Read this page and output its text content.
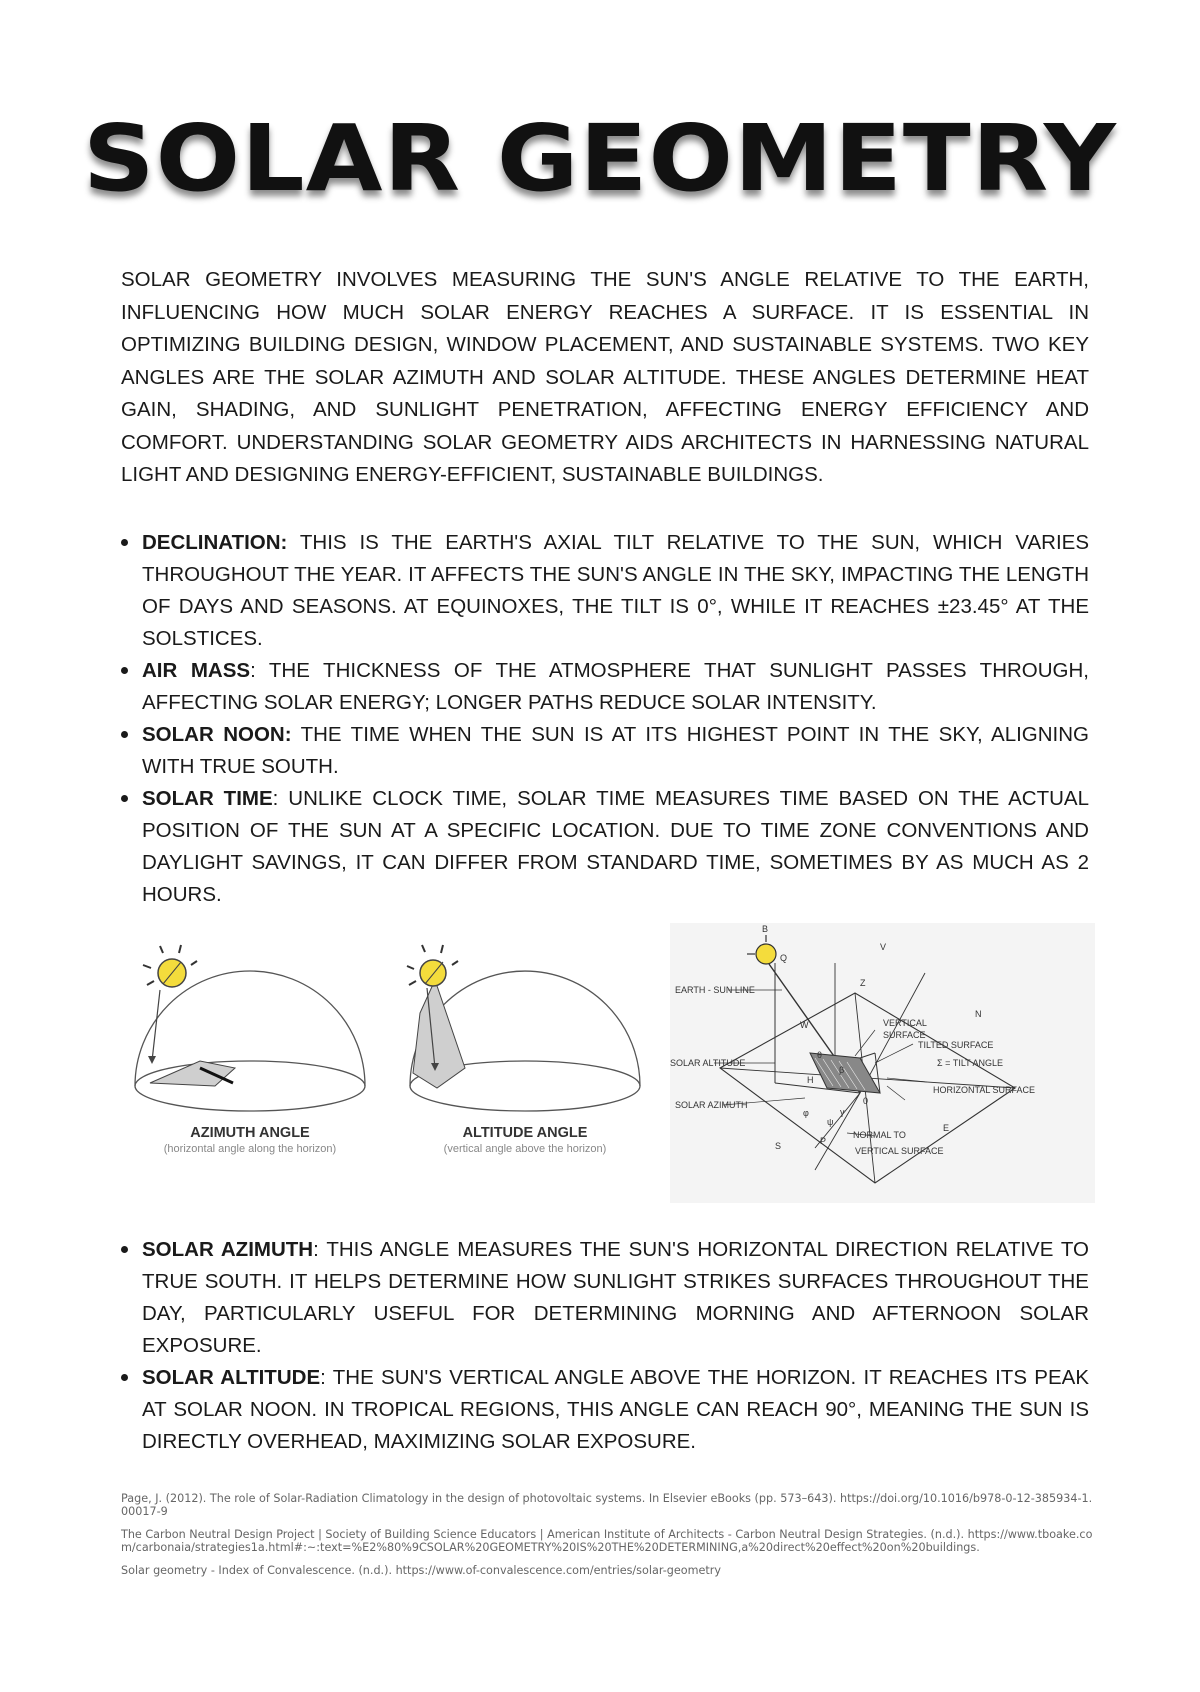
SOLAR GEOMETRY

SOLAR GEOMETRY INVOLVES MEASURING THE SUN'S ANGLE RELATIVE TO THE EARTH, INFLUENCING HOW MUCH SOLAR ENERGY REACHES A SURFACE. IT IS ESSENTIAL IN OPTIMIZING BUILDING DESIGN, WINDOW PLACEMENT, AND SUSTAINABLE SYSTEMS. TWO KEY ANGLES ARE THE SOLAR AZIMUTH AND SOLAR ALTITUDE. THESE ANGLES DETERMINE HEAT GAIN, SHADING, AND SUNLIGHT PENETRATION, AFFECTING ENERGY EFFICIENCY AND COMFORT. UNDERSTANDING SOLAR GEOMETRY AIDS ARCHITECTS IN HARNESSING NATURAL LIGHT AND DESIGNING ENERGY-EFFICIENT, SUSTAINABLE BUILDINGS.

DECLINATION: THIS IS THE EARTH'S AXIAL TILT RELATIVE TO THE SUN, WHICH VARIES THROUGHOUT THE YEAR. IT AFFECTS THE SUN'S ANGLE IN THE SKY, IMPACTING THE LENGTH OF DAYS AND SEASONS. AT EQUINOXES, THE TILT IS 0°, WHILE IT REACHES ±23.45° AT THE SOLSTICES.
AIR MASS: THE THICKNESS OF THE ATMOSPHERE THAT SUNLIGHT PASSES THROUGH, AFFECTING SOLAR ENERGY; LONGER PATHS REDUCE SOLAR INTENSITY.
SOLAR NOON: THE TIME WHEN THE SUN IS AT ITS HIGHEST POINT IN THE SKY, ALIGNING WITH TRUE SOUTH.
SOLAR TIME: UNLIKE CLOCK TIME, SOLAR TIME MEASURES TIME BASED ON THE ACTUAL POSITION OF THE SUN AT A SPECIFIC LOCATION. DUE TO TIME ZONE CONVENTIONS AND DAYLIGHT SAVINGS, IT CAN DIFFER FROM STANDARD TIME, SOMETIMES BY AS MUCH AS 2 HOURS.
AZIMUTH ANGLE
(horizontal angle along the horizon)
ALTITUDE ANGLE
(vertical angle above the horizon)
EARTH - SUN LINE
SOLAR ALTITUDE
SOLAR AZIMUTH
VERTICAL
SURFACE
TILTED SURFACE
Σ = TILT ANGLE
HORIZONTAL SURFACE
NORMAL TO
VERTICAL SURFACE
N
E
S
W
Z
V
H
P
Q
0
β
θ
φ
ψ
γ
B
SOLAR AZIMUTH: THIS ANGLE MEASURES THE SUN'S HORIZONTAL DIRECTION RELATIVE TO TRUE SOUTH. IT HELPS DETERMINE HOW SUNLIGHT STRIKES SURFACES THROUGHOUT THE DAY, PARTICULARLY USEFUL FOR DETERMINING MORNING AND AFTERNOON SOLAR EXPOSURE.
SOLAR ALTITUDE: THE SUN'S VERTICAL ANGLE ABOVE THE HORIZON. IT REACHES ITS PEAK AT SOLAR NOON. IN TROPICAL REGIONS, THIS ANGLE CAN REACH 90°, MEANING THE SUN IS DIRECTLY OVERHEAD, MAXIMIZING SOLAR EXPOSURE.

Page, J. (2012). The role of Solar-Radiation Climatology in the design of photovoltaic systems. In Elsevier eBooks (pp. 573–643). https://doi.org/10.1016/b978-0-12-385934-1.00017-9

The Carbon Neutral Design Project | Society of Building Science Educators | American Institute of Architects - Carbon Neutral Design Strategies. (n.d.). https://www.tboake.com/carbonaia/strategies1a.html#:~:text=%E2%80%9CSOLAR%20GEOMETRY%20IS%20THE%20DETERMINING,a%20direct%20effect%20on%20buildings.

Solar geometry - Index of Convalescence. (n.d.). https://www.of-convalescence.com/entries/solar-geometry
